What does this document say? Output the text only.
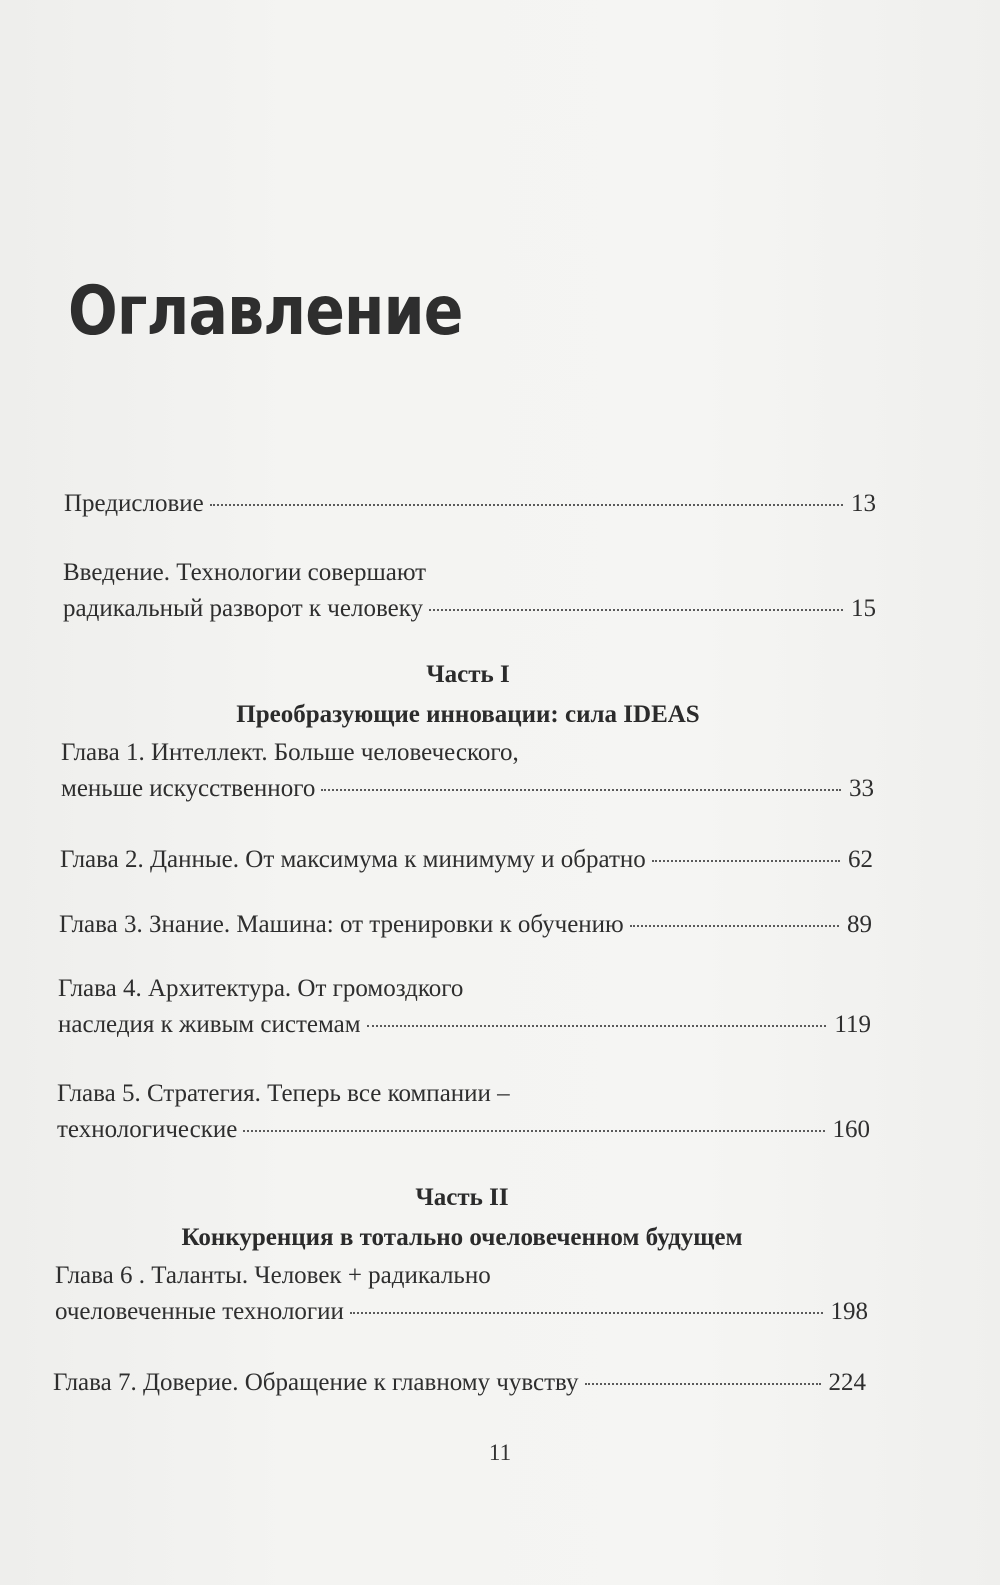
Оглавление
Предисловие	13
Введение. Технологии совершают
радикальный разворот к человеку	15
Часть I
Преобразующие инновации: сила IDEAS
Глава 1. Интеллект. Больше человеческого,
меньше искусственного	33
Глава 2. Данные. От максимума к минимуму и обратно	62
Глава 3. Знание. Машина: от тренировки к обучению	89
Глава 4. Архитектура. От громоздкого
наследия к живым системам	119
Глава 5. Стратегия. Теперь все компании –
технологические	160
Часть II
Конкуренция в тотально очеловеченном будущем
Глава 6 . Таланты. Человек + радикально
очеловеченные технологии	198
Глава 7. Доверие. Обращение к главному чувству	224
11
